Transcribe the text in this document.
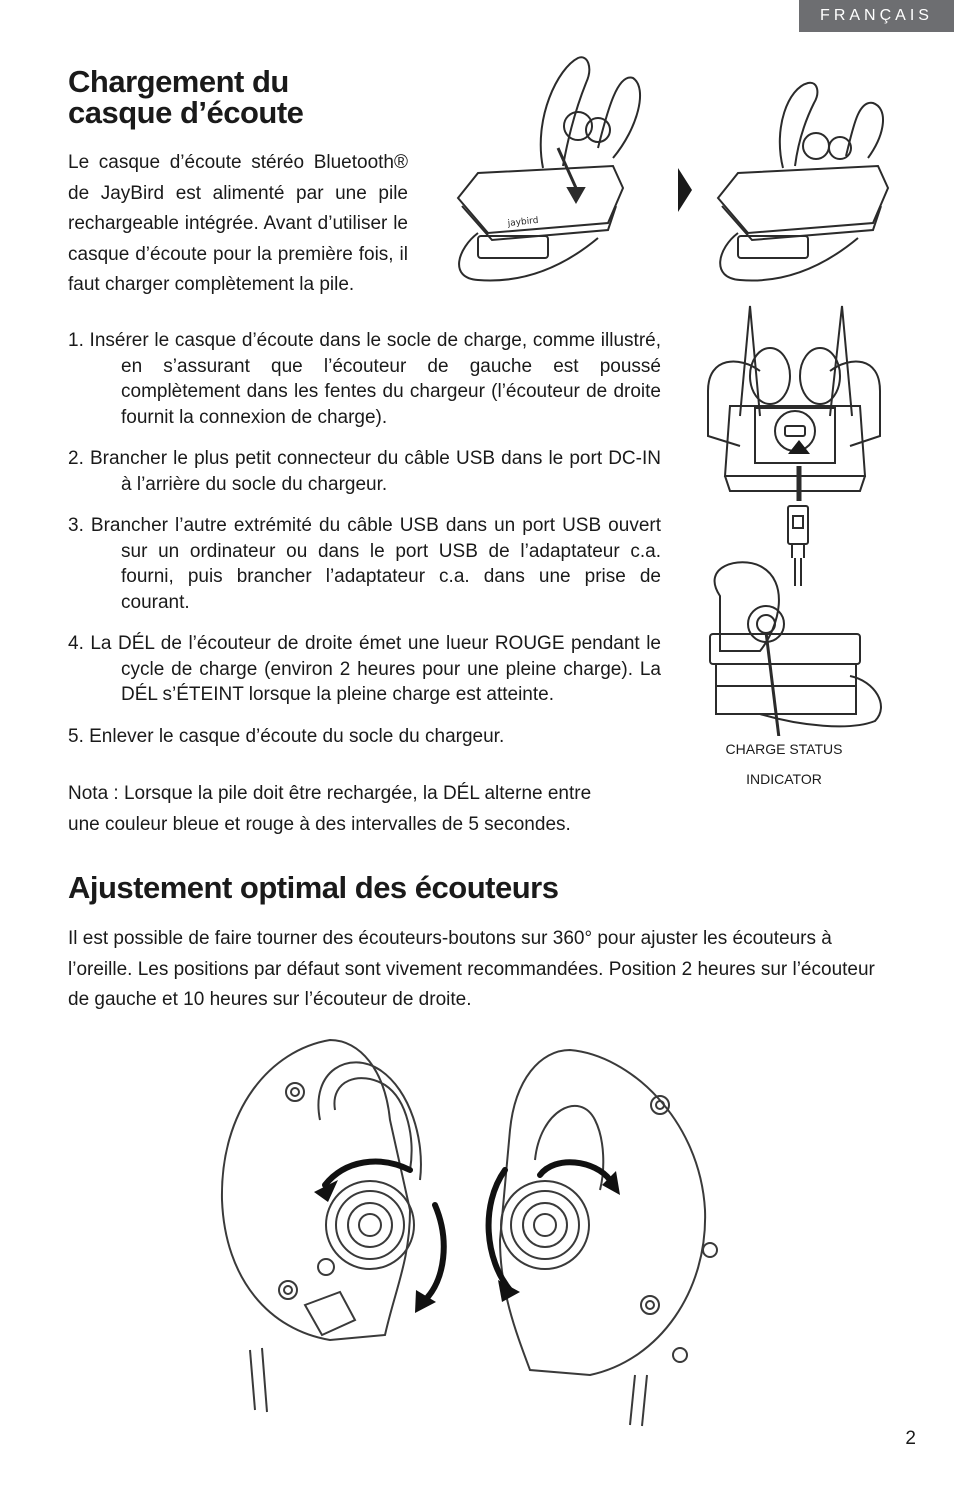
FRANÇAIS
Chargement du casque d’écoute

Le casque d’écoute stéréo Bluetooth® de JayBird est alimenté par une pile rechargeable intégrée. Avant d’utiliser le casque d’écoute pour la première fois, il faut charger complètement la pile.

jaybird
1. Insérer le casque d’écoute dans le socle de charge, comme illustré, en s’assurant que l’écouteur de gauche est poussé complètement dans les fentes du chargeur (l’écouteur de droite fournit la connexion de charge).
2. Brancher le plus petit connecteur du câble USB dans le port DC-IN à l’arrière du socle du chargeur.
3. Brancher l’autre extrémité du câble USB dans un port USB ouvert sur un ordinateur ou dans le port USB de l’adaptateur c.a. fourni, puis brancher l’adaptateur c.a. dans une prise de courant.
4. La DÉL de l’écouteur de droite émet une lueur ROUGE pendant le cycle de charge (environ 2 heures pour une pleine charge). La DÉL s’ÉTEINT lorsque la pleine charge est atteinte.
5. Enlever le casque d’écoute du socle du chargeur.
CHARGE STATUS
INDICATOR

Nota : Lorsque la pile doit être rechargée, la DÉL alterne entre une couleur bleue et rouge à des intervalles de 5 secondes.

Ajustement optimal des écouteurs

Il est possible de faire tourner des écouteurs-boutons sur 360° pour ajuster les écouteurs à l’oreille. Les positions par défaut sont vivement recommandées. Position 2 heures sur l’écouteur de gauche et 10 heures sur l’écouteur de droite.

2
